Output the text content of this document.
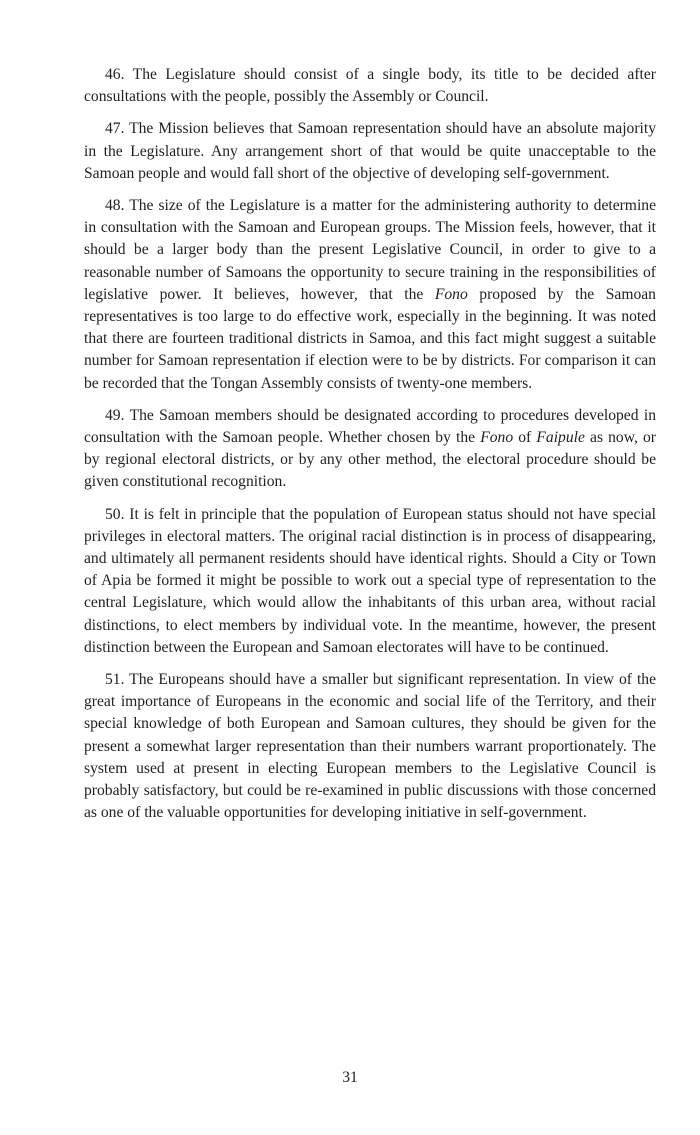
46. The Legislature should consist of a single body, its title to be decided after consultations with the people, possibly the Assembly or Council.

47. The Mission believes that Samoan representation should have an absolute majority in the Legislature. Any arrangement short of that would be quite unacceptable to the Samoan people and would fall short of the objective of developing self-government.

48. The size of the Legislature is a matter for the administering authority to determine in consultation with the Samoan and European groups. The Mission feels, however, that it should be a larger body than the present Legislative Council, in order to give to a reasonable number of Samoans the opportunity to secure training in the responsibilities of legislative power. It believes, however, that the Fono proposed by the Samoan representatives is too large to do effective work, especially in the beginning. It was noted that there are fourteen traditional districts in Samoa, and this fact might suggest a suitable number for Samoan representation if election were to be by districts. For comparison it can be recorded that the Tongan Assembly consists of twenty-one members.

49. The Samoan members should be designated according to procedures developed in consultation with the Samoan people. Whether chosen by the Fono of Faipule as now, or by regional electoral districts, or by any other method, the electoral procedure should be given constitutional recognition.

50. It is felt in principle that the population of European status should not have special privileges in electoral matters. The original racial distinction is in process of disappearing, and ultimately all permanent residents should have identical rights. Should a City or Town of Apia be formed it might be possible to work out a special type of representation to the central Legislature, which would allow the inhabitants of this urban area, without racial distinctions, to elect members by individual vote. In the meantime, however, the present distinction between the European and Samoan electorates will have to be continued.

51. The Europeans should have a smaller but significant representation. In view of the great importance of Europeans in the economic and social life of the Territory, and their special knowledge of both European and Samoan cultures, they should be given for the present a somewhat larger representation than their numbers warrant proportionately. The system used at present in electing European members to the Legislative Council is probably satisfactory, but could be re-examined in public discussions with those concerned as one of the valuable opportunities for developing initiative in self-government.

31
